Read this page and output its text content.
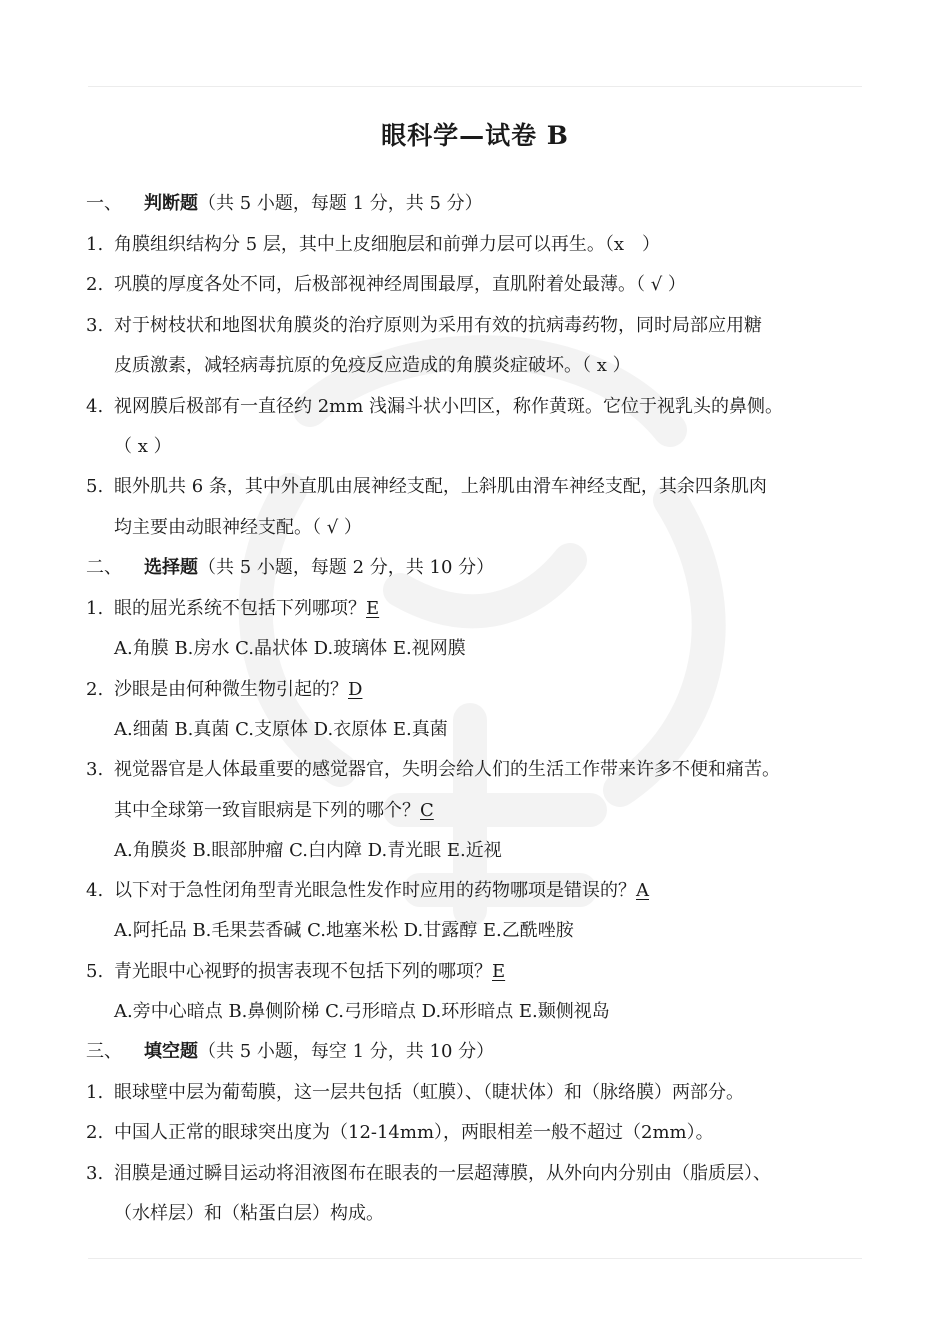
眼科学—试卷 B
一、 判断题（共 5 小题，每题 1 分，共 5 分）
1. 角膜组织结构分 5 层，其中上皮细胞层和前弹力层可以再生。（x　）
2. 巩膜的厚度各处不同，后极部视神经周围最厚，直肌附着处最薄。（ √ ）
3. 对于树枝状和地图状角膜炎的治疗原则为采用有效的抗病毒药物，同时局部应用糖
皮质激素，减轻病毒抗原的免疫反应造成的角膜炎症破坏。（ x ）
4. 视网膜后极部有一直径约 2mm 浅漏斗状小凹区，称作黄斑。它位于视乳头的鼻侧。
（ x ）
5. 眼外肌共 6 条，其中外直肌由展神经支配，上斜肌由滑车神经支配，其余四条肌肉
均主要由动眼神经支配。（ √ ）
二、 选择题（共 5 小题，每题 2 分，共 10 分）
1. 眼的屈光系统不包括下列哪项？E
A.角膜 B.房水 C.晶状体 D.玻璃体 E.视网膜
2. 沙眼是由何种微生物引起的？D
A.细菌 B.真菌 C.支原体 D.衣原体 E.真菌
3. 视觉器官是人体最重要的感觉器官，失明会给人们的生活工作带来许多不便和痛苦。
其中全球第一致盲眼病是下列的哪个？C
A.角膜炎 B.眼部肿瘤 C.白内障 D.青光眼 E.近视
4. 以下对于急性闭角型青光眼急性发作时应用的药物哪项是错误的？A
A.阿托品 B.毛果芸香碱 C.地塞米松 D.甘露醇 E.乙酰唑胺
5. 青光眼中心视野的损害表现不包括下列的哪项？E
A.旁中心暗点 B.鼻侧阶梯 C.弓形暗点 D.环形暗点 E.颞侧视岛
三、 填空题（共 5 小题，每空 1 分，共 10 分）
1. 眼球壁中层为葡萄膜，这一层共包括（虹膜）、（睫状体）和（脉络膜）两部分。
2. 中国人正常的眼球突出度为（12-14mm），两眼相差一般不超过（2mm）。
3. 泪膜是通过瞬目运动将泪液图布在眼表的一层超薄膜，从外向内分别由（脂质层）、
（水样层）和（粘蛋白层）构成。
